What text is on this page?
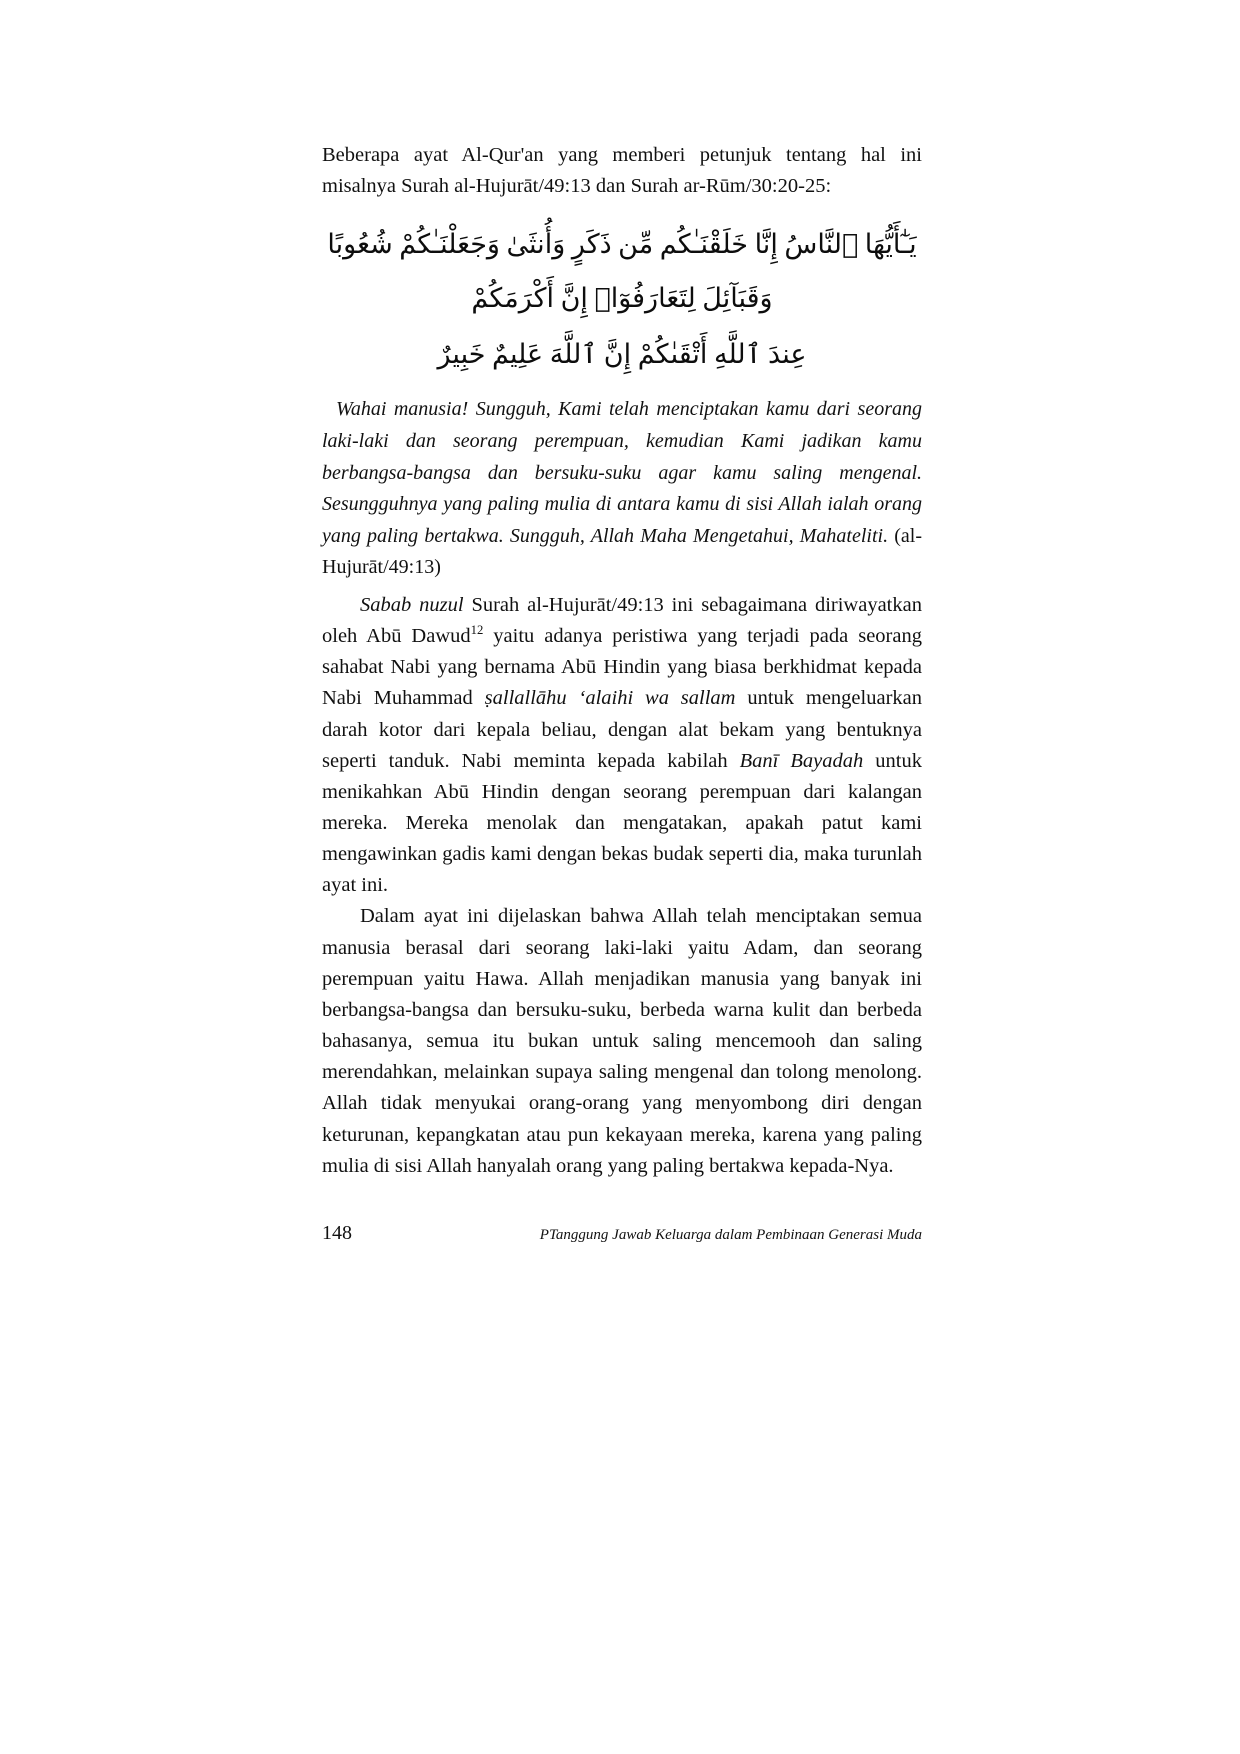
Beberapa ayat Al-Qur'an yang memberi petunjuk tentang hal ini misalnya Surah al-Hujurāt/49:13 dan Surah ar-Rūm/30:20-25:

يَـٰٓأَيُّهَا ٱلنَّاسُ إِنَّا خَلَقْنَـٰكُم مِّن ذَكَرٍ وَأُنثَىٰ وَجَعَلْنَـٰكُمْ شُعُوبًا وَقَبَآئِلَ لِتَعَارَفُوٓا۟ إِنَّ أَكْرَمَكُمْ
عِندَ ٱللَّهِ أَتْقَىٰكُمْ إِنَّ ٱللَّهَ عَلِيمٌ خَبِيرٌ

Wahai manusia! Sungguh, Kami telah menciptakan kamu dari seorang laki-laki dan seorang perempuan, kemudian Kami jadikan kamu berbangsa-bangsa dan bersuku-suku agar kamu saling mengenal. Sesungguhnya yang paling mulia di antara kamu di sisi Allah ialah orang yang paling bertakwa. Sungguh, Allah Maha Mengetahui, Mahateliti. (al-Hujurāt/49:13)

Sabab nuzul Surah al-Hujurāt/49:13 ini sebagaimana diriwayatkan oleh Abū Dawud$^{12}$ yaitu adanya peristiwa yang terjadi pada seorang sahabat Nabi yang bernama Abū Hindin yang biasa berkhidmat kepada Nabi Muhammad ṣallallāhu ‘alaihi wa sallam untuk mengeluarkan darah kotor dari kepala beliau, dengan alat bekam yang bentuknya seperti tanduk. Nabi meminta kepada kabilah Banī Bayadah untuk menikahkan Abū Hindin dengan seorang perempuan dari kalangan mereka. Mereka menolak dan mengatakan, apakah patut kami mengawinkan gadis kami dengan bekas budak seperti dia, maka turunlah ayat ini.

Dalam ayat ini dijelaskan bahwa Allah telah menciptakan semua manusia berasal dari seorang laki-laki yaitu Adam, dan seorang perempuan yaitu Hawa. Allah menjadikan manusia yang banyak ini berbangsa-bangsa dan bersuku-suku, berbeda warna kulit dan berbeda bahasanya, semua itu bukan untuk saling mencemooh dan saling merendahkan, melainkan supaya saling mengenal dan tolong menolong. Allah tidak menyukai orang-orang yang menyombong diri dengan keturunan, kepangkatan atau pun kekayaan mereka, karena yang paling mulia di sisi Allah hanyalah orang yang paling bertakwa kepada-Nya.

148	PTanggung Jawab Keluarga dalam Pembinaan Generasi Muda
